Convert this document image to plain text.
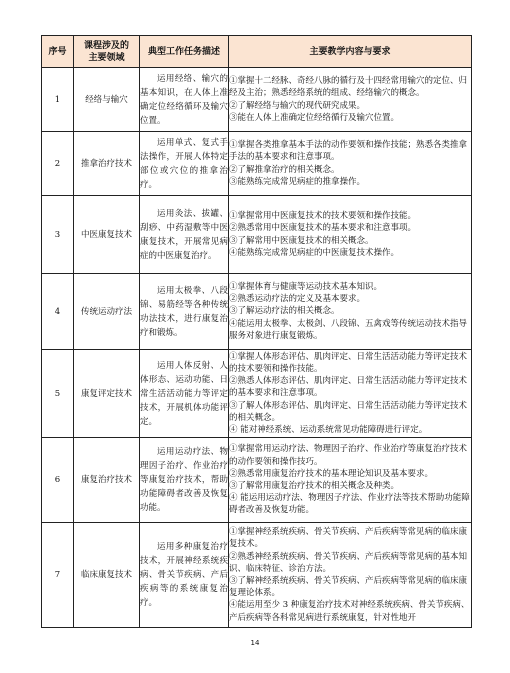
序号	课程涉及的主要领域	典型工作任务描述	主要教学内容与要求
1	经络与输穴	运用经络、输穴的基本知识，在人体上准确定位经络循环及输穴位置。	①掌握十二经脉、奇经八脉的循行及十四经常用输穴的定位、归经及主治；熟悉经络系统的组成、经络输穴的概念。

②了解经络与输穴的现代研究成果。

③能在人体上准确定位经络循行及输穴位置。

2	推拿治疗技术	运用单式、复式手法操作，开展人体特定部位或穴位的推拿治疗。	①掌握各类推拿基本手法的动作要领和操作技能；熟悉各类推拿手法的基本要求和注意事项。

②了解推拿治疗的相关概念。

③能熟练完成常见病症的推拿操作。

3	中医康复技术	运用灸法、拔罐、刮痧、中药湿敷等中医康复技术，开展常见病症的中医康复治疗。	①掌握常用中医康复技术的技术要领和操作技能。

②熟悉常用中医康复技术的基本要求和注意事项。

③了解常用中医康复技术的相关概念。

④能熟练完成常见病症的中医康复技术操作。

4	传统运动疗法	运用太极拳、八段锦、易筋经等各种传统功法技术，进行康复治疗和锻炼。	①掌握体育与健康等运动技术基本知识。

②熟悉运动疗法的定义及基本要求。

③了解运动疗法的相关概念。

④能运用太极拳、太极剑、八段锦、五禽戏等传统运动技术指导服务对象进行康复锻炼。

5	康复评定技术	运用人体反射、人体形态、运动功能、日常生活活动能力等评定技术，开展机体功能评定。	①掌握人体形态评估、肌肉评定、日常生活活动能力等评定技术的技术要领和操作技能。

②熟悉人体形态评估、肌肉评定、日常生活活动能力等评定技术的基本要求和注意事项。

③了解人体形态评估、肌肉评定、日常生活活动能力等评定技术的相关概念。

④ 能对神经系统、运动系统常见功能障碍进行评定。

6	康复治疗技术	运用运动疗法、物理因子治疗、作业治疗等康复治疗技术，帮助功能障碍者改善及恢复功能。	①掌握常用运动疗法、物理因子治疗、作业治疗等康复治疗技术的动作要领和操作技巧。

②熟悉常用康复治疗技术的基本理论知识及基本要求。

③了解常用康复治疗技术的相关概念及种类。

④ 能运用运动疗法、物理因子疗法、作业疗法等技术帮助功能障碍者改善及恢复功能。

7	临床康复技术	运用多种康复治疗技术，开展神经系统疾病、骨关节疾病、产后疾病等的系统康复治疗。	①掌握神经系统疾病、骨关节疾病、产后疾病等常见病的临床康复技术。

②熟悉神经系统疾病、骨关节疾病、产后疾病等常见病的基本知识、临床特征、诊治方法。

③了解神经系统疾病、骨关节疾病、产后疾病等常见病的临床康复理论体系。

④能运用至少 3 种康复治疗技术对神经系统疾病、骨关节疾病、产后疾病等各科常见病进行系统康复，针对性地开

14
